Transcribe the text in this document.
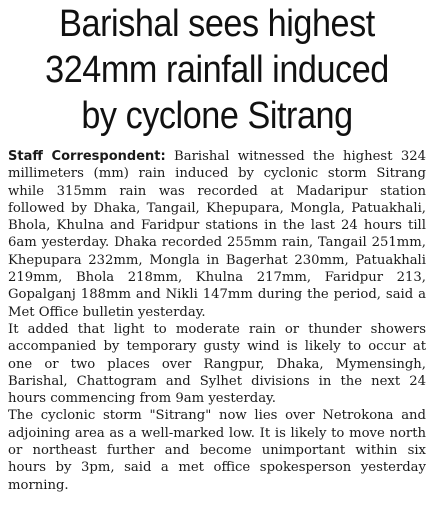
Barishal sees highest
324mm rainfall induced
by cyclone Sitrang

Staff Correspondent: Barishal witnessed the highest 324 millimeters (mm) rain induced by cyclonic storm Sitrang while 315mm rain was recorded at Madaripur station followed by Dhaka, Tangail, Khepupara, Mongla, Patuakhali, Bhola, Khulna and Faridpur stations in the last 24 hours till 6am yesterday. Dhaka recorded 255mm rain, Tangail 251mm, Khepupara 232mm, Mongla in Bagerhat 230mm, Patuakhali 219mm, Bhola 218mm, Khulna 217mm, Faridpur 213, Gopalganj 188mm and Nikli 147mm during the period, said a Met Office bulletin yesterday.

It added that light to moderate rain or thunder showers accompanied by temporary gusty wind is likely to occur at one or two places over Rangpur, Dhaka, Mymensingh, Barishal, Chattogram and Sylhet divisions in the next 24 hours commencing from 9am yesterday.

The cyclonic storm "Sitrang" now lies over Netrokona and adjoining area as a well-marked low. It is likely to move north or northeast further and become unimportant within six hours by 3pm, said a met office spokesperson yesterday morning.
